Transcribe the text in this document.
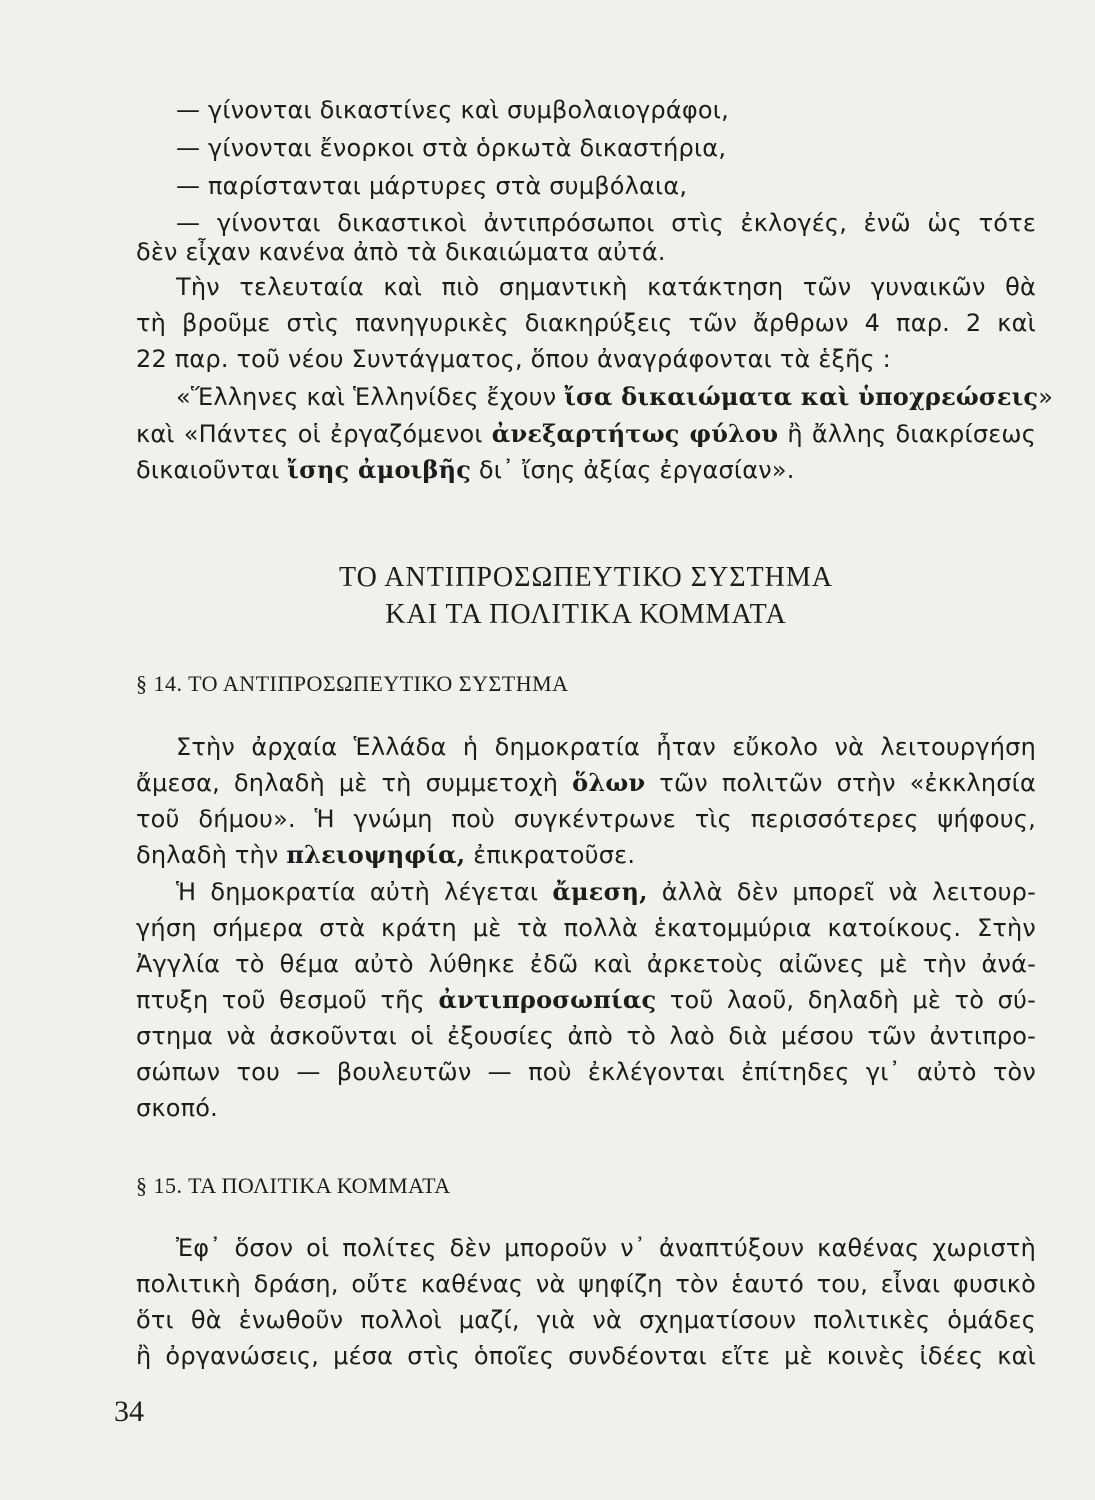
— γίνονται δικαστίνες καὶ συμβολαιογράφοι,
— γίνονται ἔνορκοι στὰ ὁρκωτὰ δικαστήρια,
— παρίστανται μάρτυρες στὰ συμβόλαια,
— γίνονται δικαστικοὶ ἀντιπρόσωποι στὶς ἐκλογές, ἐνῶ ὡς τότε
δὲν εἶχαν κανένα ἀπὸ τὰ δικαιώματα αὐτά.
Τὴν τελευταία καὶ πιὸ σημαντικὴ κατάκτηση τῶν γυναικῶν θὰ
τὴ βροῦμε στὶς πανηγυρικὲς διακηρύξεις τῶν ἄρθρων 4 παρ. 2 καὶ
22 παρ. τοῦ νέου Συντάγματος, ὅπου ἀναγράφονται τὰ ἑξῆς :
«Ἕλληνες καὶ Ἑλληνίδες ἔχουν ἴσα δικαιώματα καὶ ὑποχρεώσεις»
καὶ «Πάντες οἱ ἐργαζόμενοι ἀνεξαρτήτως φύλου ἢ ἄλλης διακρίσεως
δικαιοῦνται ἴσης ἀμοιβῆς δι᾽ ἴσης ἀξίας ἐργασίαν».
ΤΟ ΑΝΤΙΠΡΟΣΩΠΕΥΤΙΚΟ ΣΥΣΤΗΜΑ
ΚΑΙ ΤΑ ΠΟΛΙΤΙΚΑ ΚΟΜΜΑΤΑ
§ 14. ΤΟ ΑΝΤΙΠΡΟΣΩΠΕΥΤΙΚΟ ΣΥΣΤΗΜΑ
Στὴν ἀρχαία Ἑλλάδα ἡ δημοκρατία ἦταν εὔκολο νὰ λειτουργήση
ἄμεσα, δηλαδὴ μὲ τὴ συμμετοχὴ ὅλων τῶν πολιτῶν στὴν «ἐκκλησία
τοῦ δήμου». Ἡ γνώμη ποὺ συγκέντρωνε τὶς περισσότερες ψήφους,
δηλαδὴ τὴν πλειοψηφία, ἐπικρατοῦσε.
Ἡ δημοκρατία αὐτὴ λέγεται ἄμεση, ἀλλὰ δὲν μπορεῖ νὰ λειτουρ-
γήση σήμερα στὰ κράτη μὲ τὰ πολλὰ ἑκατομμύρια κατοίκους. Στὴν
Ἀγγλία τὸ θέμα αὐτὸ λύθηκε ἐδῶ καὶ ἀρκετοὺς αἰῶνες μὲ τὴν ἀνά-
πτυξη τοῦ θεσμοῦ τῆς ἀντιπροσωπίας τοῦ λαοῦ, δηλαδὴ μὲ τὸ σύ-
στημα νὰ ἀσκοῦνται οἱ ἐξουσίες ἀπὸ τὸ λαὸ διὰ μέσου τῶν ἀντιπρο-
σώπων του — βουλευτῶν — ποὺ ἐκλέγονται ἐπίτηδες γι᾽ αὐτὸ τὸν
σκοπό.
§ 15. ΤΑ ΠΟΛΙΤΙΚΑ ΚΟΜΜΑΤΑ
Ἐφ᾽ ὅσον οἱ πολίτες δὲν μποροῦν ν᾽ ἀναπτύξουν καθένας χωριστὴ
πολιτικὴ δράση, οὔτε καθένας νὰ ψηφίζη τὸν ἑαυτό του, εἶναι φυσικὸ
ὅτι θὰ ἑνωθοῦν πολλοὶ μαζί, γιὰ νὰ σχηματίσουν πολιτικὲς ὁμάδες
ἢ ὀργανώσεις, μέσα στὶς ὁποῖες συνδέονται εἴτε μὲ κοινὲς ἰδέες καὶ
34
